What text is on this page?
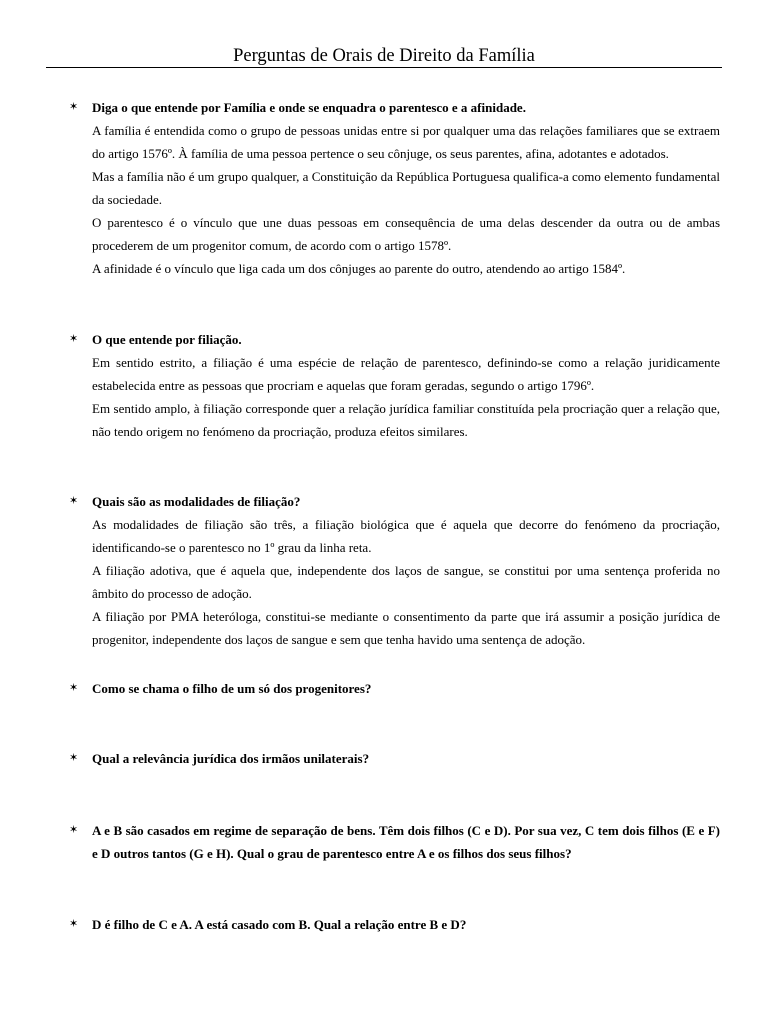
Perguntas de Orais de Direito da Família
✶ Diga o que entende por Família e onde se enquadra o parentesco e a afinidade.

A família é entendida como o grupo de pessoas unidas entre si por qualquer uma das relações familiares que se extraem do artigo 1576º. À família de uma pessoa pertence o seu cônjuge, os seus parentes, afina, adotantes e adotados.

Mas a família não é um grupo qualquer, a Constituição da República Portuguesa qualifica-a como elemento fundamental da sociedade.

O parentesco é o vínculo que une duas pessoas em consequência de uma delas descender da outra ou de ambas procederem de um progenitor comum, de acordo com o artigo 1578º.

A afinidade é o vínculo que liga cada um dos cônjuges ao parente do outro, atendendo ao artigo 1584º.

✶ O que entende por filiação.

Em sentido estrito, a filiação é uma espécie de relação de parentesco, definindo-se como a relação juridicamente estabelecida entre as pessoas que procriam e aquelas que foram geradas, segundo o artigo 1796º.

Em sentido amplo, à filiação corresponde quer a relação jurídica familiar constituída pela procriação quer a relação que, não tendo origem no fenómeno da procriação, produza efeitos similares.

✶ Quais são as modalidades de filiação?

As modalidades de filiação são três, a filiação biológica que é aquela que decorre do fenómeno da procriação, identificando-se o parentesco no 1º grau da linha reta.

A filiação adotiva, que é aquela que, independente dos laços de sangue, se constitui por uma sentença proferida no âmbito do processo de adoção.

A filiação por PMA heteróloga, constitui-se mediante o consentimento da parte que irá assumir a posição jurídica de progenitor, independente dos laços de sangue e sem que tenha havido uma sentença de adoção.

✶ Como se chama o filho de um só dos progenitores?
✶ Qual a relevância jurídica dos irmãos unilaterais?
✶ A e B são casados em regime de separação de bens. Têm dois filhos (C e D). Por sua vez, C tem dois filhos (E e F) e D outros tantos (G e H). Qual o grau de parentesco entre A e os filhos dos seus filhos?
✶ D é filho de C e A. A está casado com B. Qual a relação entre B e D?
